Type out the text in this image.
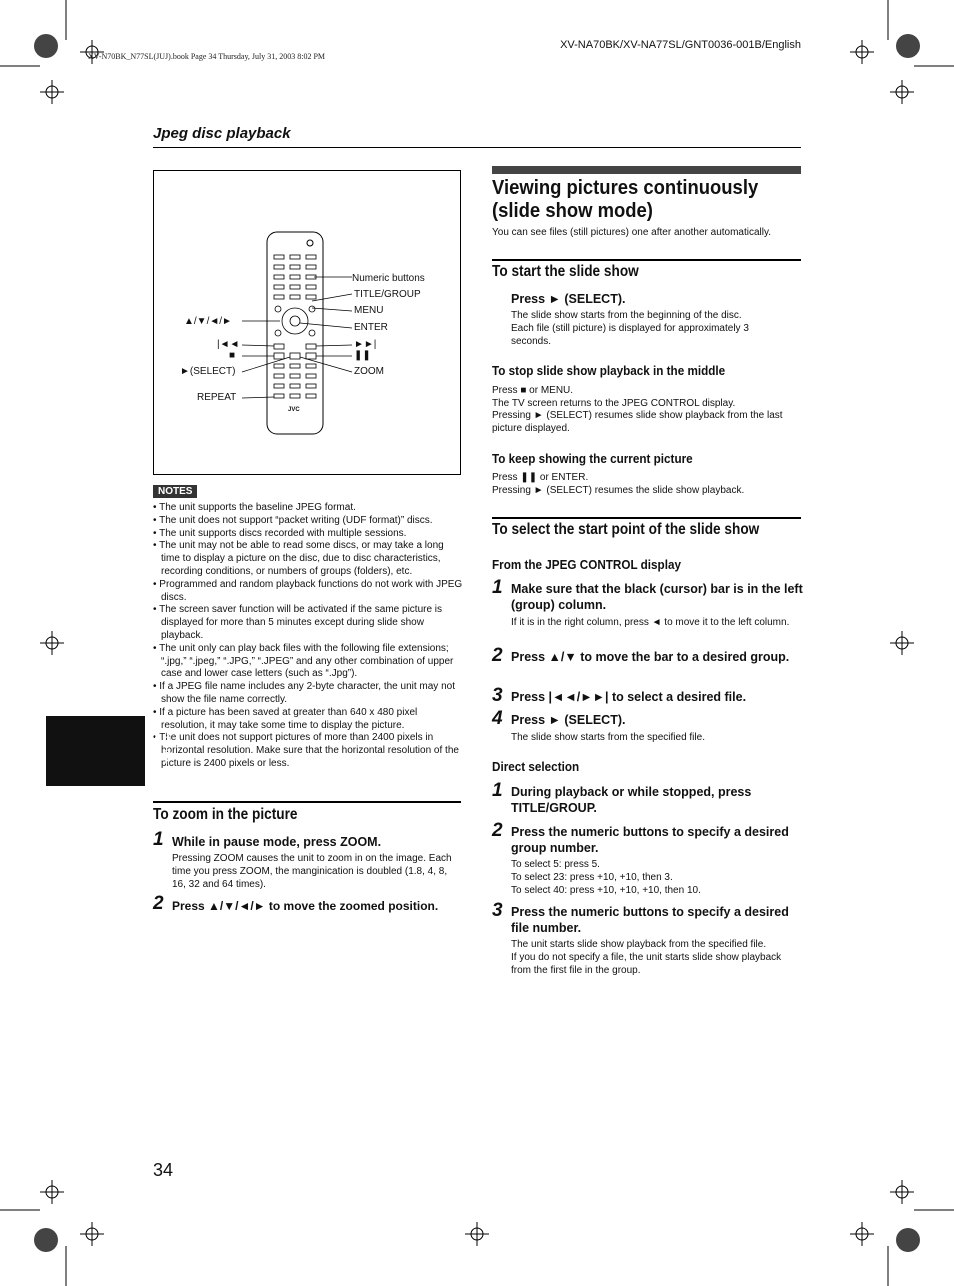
XV-N70BK_N77SL(JUJ).book Page 34 Thursday, July 31, 2003 8:02 PM
XV-NA70BK/XV-NA77SL/GNT0036-001B/English
Jpeg disc playback
Numeric buttons
TITLE/GROUP
MENU
ENTER
▲/▼/◄/►
|◄◄
■
►►|
❚❚
►(SELECT)	ZOOM
REPEAT
JVC
NOTES
• The unit supports the baseline JPEG format.
• The unit does not support “packet writing (UDF format)” discs.
• The unit supports discs recorded with multiple sessions.
• The unit may not be able to read some discs, or may take a long time to display a picture on the disc, due to disc characteristics, recording conditions, or numbers of groups (folders), etc.
• Programmed and random playback functions do not work with JPEG discs.
• The screen saver function will be activated if the same picture is displayed for more than 5 minutes except during slide show playback.
• The unit only can play back files with the following file extensions; “.jpg,” “.jpeg,” “.JPG,” “.JPEG” and any other combination of upper case and lower case letters (such as “.Jpg”).
• If a JPEG file name includes any 2-byte character, the unit may not show the file name correctly.
• If a picture has been saved at greater than 640 x 480 pixel resolution, it may take some time to display the picture.
• The unit does not support pictures of more than 2400 pixels in horizontal resolution. Make sure that the horizontal resolution of the picture is 2400 pixels or less.
To zoom in the picture
1 While in pause mode, press ZOOM.
Pressing ZOOM causes the unit to zoom in on the image. Each time you press ZOOM, the manginication is doubled (1.8, 4, 8, 16, 32 and 64 times).
2 Press ▲/▼/◄/► to move the zoomed position.
Viewing pictures continuously (slide show mode)
You can see files (still pictures) one after another automatically.
To start the slide show
Press ► (SELECT).
The slide show starts from the beginning of the disc.
Each file (still picture) is displayed for approximately 3 seconds.
To stop slide show playback in the middle
Press ■ or MENU.
The TV screen returns to the JPEG CONTROL display.
Pressing ► (SELECT) resumes slide show playback from the last picture displayed.
To keep showing the current picture
Press ❚❚ or ENTER.
Pressing ► (SELECT) resumes the slide show playback.
To select the start point of the slide show
From the JPEG CONTROL display
1 Make sure that the black (cursor) bar is in the left (group) column.
If it is in the right column, press ◄ to move it to the left column.
2 Press ▲/▼ to move the bar to a desired group.
3 Press |◄◄/►►| to select a desired file.
4 Press ► (SELECT).
The slide show starts from the specified file.
Direct selection
1 During playback or while stopped, press TITLE/GROUP.
2 Press the numeric buttons to specify a desired group number.
To select 5: press 5.
To select 23: press +10, +10, then 3.
To select 40: press +10, +10, +10, then 10.
3 Press the numeric buttons to specify a desired file number.
The unit starts slide show playback from the specified file.
If you do not specify a file, the unit starts slide show playback from the first file in the group.
JPEG disc playback
34
